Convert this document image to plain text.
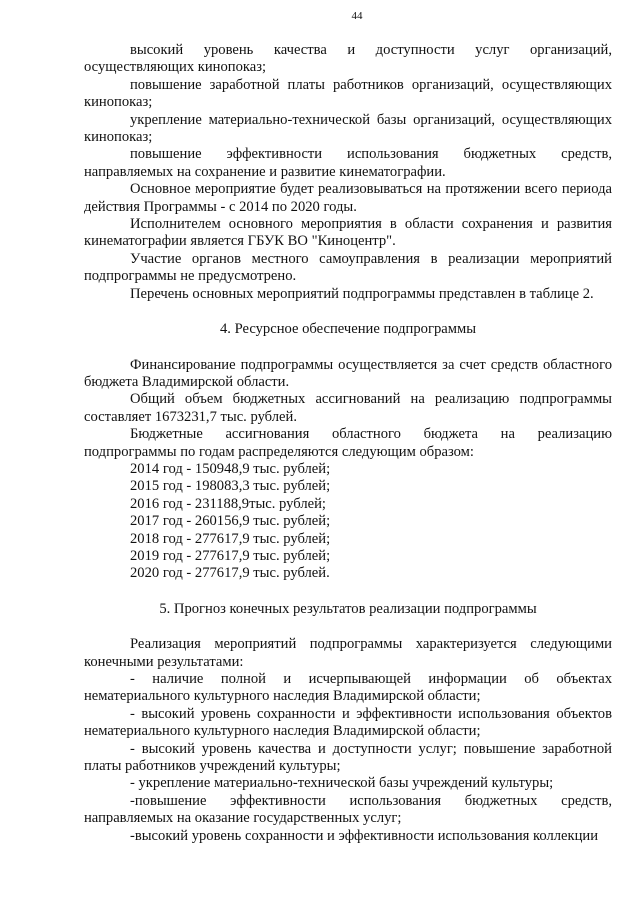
44

высокий уровень качества и доступности услуг организаций, осуществляющих кинопоказ;

повышение заработной платы работников организаций, осуществляющих кинопоказ;

укрепление материально-технической базы организаций, осуществляющих кинопоказ;

повышение эффективности использования бюджетных средств, направляемых на сохранение и развитие кинематографии.

Основное мероприятие будет реализовываться на протяжении всего периода действия Программы - с 2014 по 2020 годы.

Исполнителем основного мероприятия в области сохранения и развития кинематографии является ГБУК ВО "Киноцентр".

Участие органов местного самоуправления в реализации мероприятий подпрограммы не предусмотрено.

Перечень основных мероприятий подпрограммы представлен в таблице 2.

4. Ресурсное обеспечение подпрограммы

Финансирование подпрограммы осуществляется за счет средств областного бюджета Владимирской области.

Общий объем бюджетных ассигнований на реализацию подпрограммы составляет 1673231,7 тыс. рублей.

Бюджетные ассигнования областного бюджета на реализацию подпрограммы по годам распределяются следующим образом:

2014 год - 150948,9 тыс. рублей;
2015 год - 198083,3 тыс. рублей;
2016 год - 231188,9тыс. рублей;
2017 год - 260156,9 тыс. рублей;
2018 год - 277617,9 тыс. рублей;
2019 год - 277617,9 тыс. рублей;
2020 год - 277617,9 тыс. рублей.
5. Прогноз конечных результатов реализации подпрограммы

Реализация мероприятий подпрограммы характеризуется следующими конечными результатами:

- наличие полной и исчерпывающей информации об объектах нематериального культурного наследия Владимирской области;

- высокий уровень сохранности и эффективности использования объектов нематериального культурного наследия Владимирской области;

- высокий уровень качества и доступности услуг; повышение заработной платы работников учреждений культуры;

- укрепление материально-технической базы учреждений культуры;

-повышение эффективности использования бюджетных средств, направляемых на оказание государственных услуг;

-высокий уровень сохранности и эффективности использования коллекции
